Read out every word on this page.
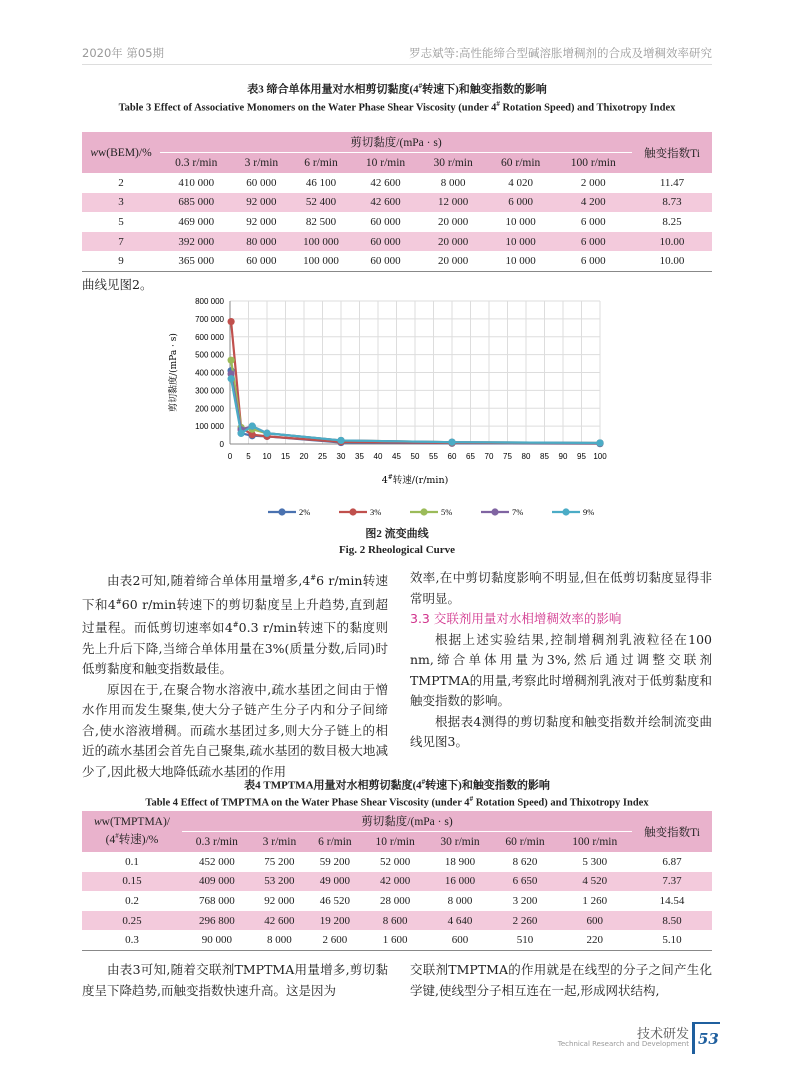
2020年 第05期	罗志斌等:高性能缔合型碱溶胀增稠剂的合成及增稠效率研究
表3 缔合单体用量对水相剪切黏度(4#转速下)和触变指数的影响
Table 3 Effect of Associative Monomers on the Water Phase Shear Viscosity (under 4# Rotation Speed) and Thixotropy Index
ww(BEM)/%	剪切黏度/(mPa · s)							触变指数Ti
	0.3 r/min	3 r/min	6 r/min	10 r/min	30 r/min	60 r/min	100 r/min	
2	410 000	60 000	46 100	42 600	8 000	4 020	2 000	11.47
3	685 000	92 000	52 400	42 600	12 000	6 000	4 200	8.73
5	469 000	92 000	82 500	60 000	20 000	10 000	6 000	8.25
7	392 000	80 000	100 000	60 000	20 000	10 000	6 000	10.00
9	365 000	60 000	100 000	60 000	20 000	10 000	6 000	10.00
曲线见图2。
0 5 10 15 20 25 30 35 40 45 50 55 60 65 70 75 80 85 90 95 100
0
100 000
200 000
300 000
400 000
500 000
600 000
700 000
800 000
剪切黏度/(mPa · s)
4#转速/(r/min)
2%	3%	5%	7%	9%
图2 流变曲线
Fig. 2 Rheological Curve
由表2可知,随着缔合单体用量增多,4#6 r/min转速下和4#60 r/min转速下的剪切黏度呈上升趋势,直到超过量程。而低剪切速率如4#0.3 r/min转速下的黏度则先上升后下降,当缔合单体用量在3%(质量分数,后同)时低剪黏度和触变指数最佳。
原因在于,在聚合物水溶液中,疏水基团之间由于憎水作用而发生聚集,使大分子链产生分子内和分子间缔合,使水溶液增稠。而疏水基团过多,则大分子链上的相近的疏水基团会首先自己聚集,疏水基团的数目极大地减少了,因此极大地降低疏水基团的作用
效率,在中剪切黏度影响不明显,但在低剪切黏度显得非常明显。
3.3 交联剂用量对水相增稠效率的影响
根据上述实验结果,控制增稠剂乳液粒径在100 nm,缔合单体用量为3%,然后通过调整交联剂TMPTMA的用量,考察此时增稠剂乳液对于低剪黏度和触变指数的影响。
根据表4测得的剪切黏度和触变指数并绘制流变曲线见图3。
表4 TMPTMA用量对水相剪切黏度(4#转速下)和触变指数的影响
Table 4 Effect of TMPTMA on the Water Phase Shear Viscosity (under 4# Rotation Speed) and Thixotropy Index
ww(TMPTMA)/
(4#转速)/%	剪切黏度/(mPa · s)							触变指数Ti
	0.3 r/min	3 r/min	6 r/min	10 r/min	30 r/min	60 r/min	100 r/min	
0.1	452 000	75 200	59 200	52 000	18 900	8 620	5 300	6.87
0.15	409 000	53 200	49 000	42 000	16 000	6 650	4 520	7.37
0.2	768 000	92 000	46 520	28 000	8 000	3 200	1 260	14.54
0.25	296 800	42 600	19 200	8 600	4 640	2 260	600	8.50
0.3	90 000	8 000	2 600	1 600	600	510	220	5.10
由表3可知,随着交联剂TMPTMA用量增多,剪切黏度呈下降趋势,而触变指数快速升高。这是因为
交联剂TMPTMA的作用就是在线型的分子之间产生化学键,使线型分子相互连在一起,形成网状结构,
技术研发
Technical Research and Development 53
